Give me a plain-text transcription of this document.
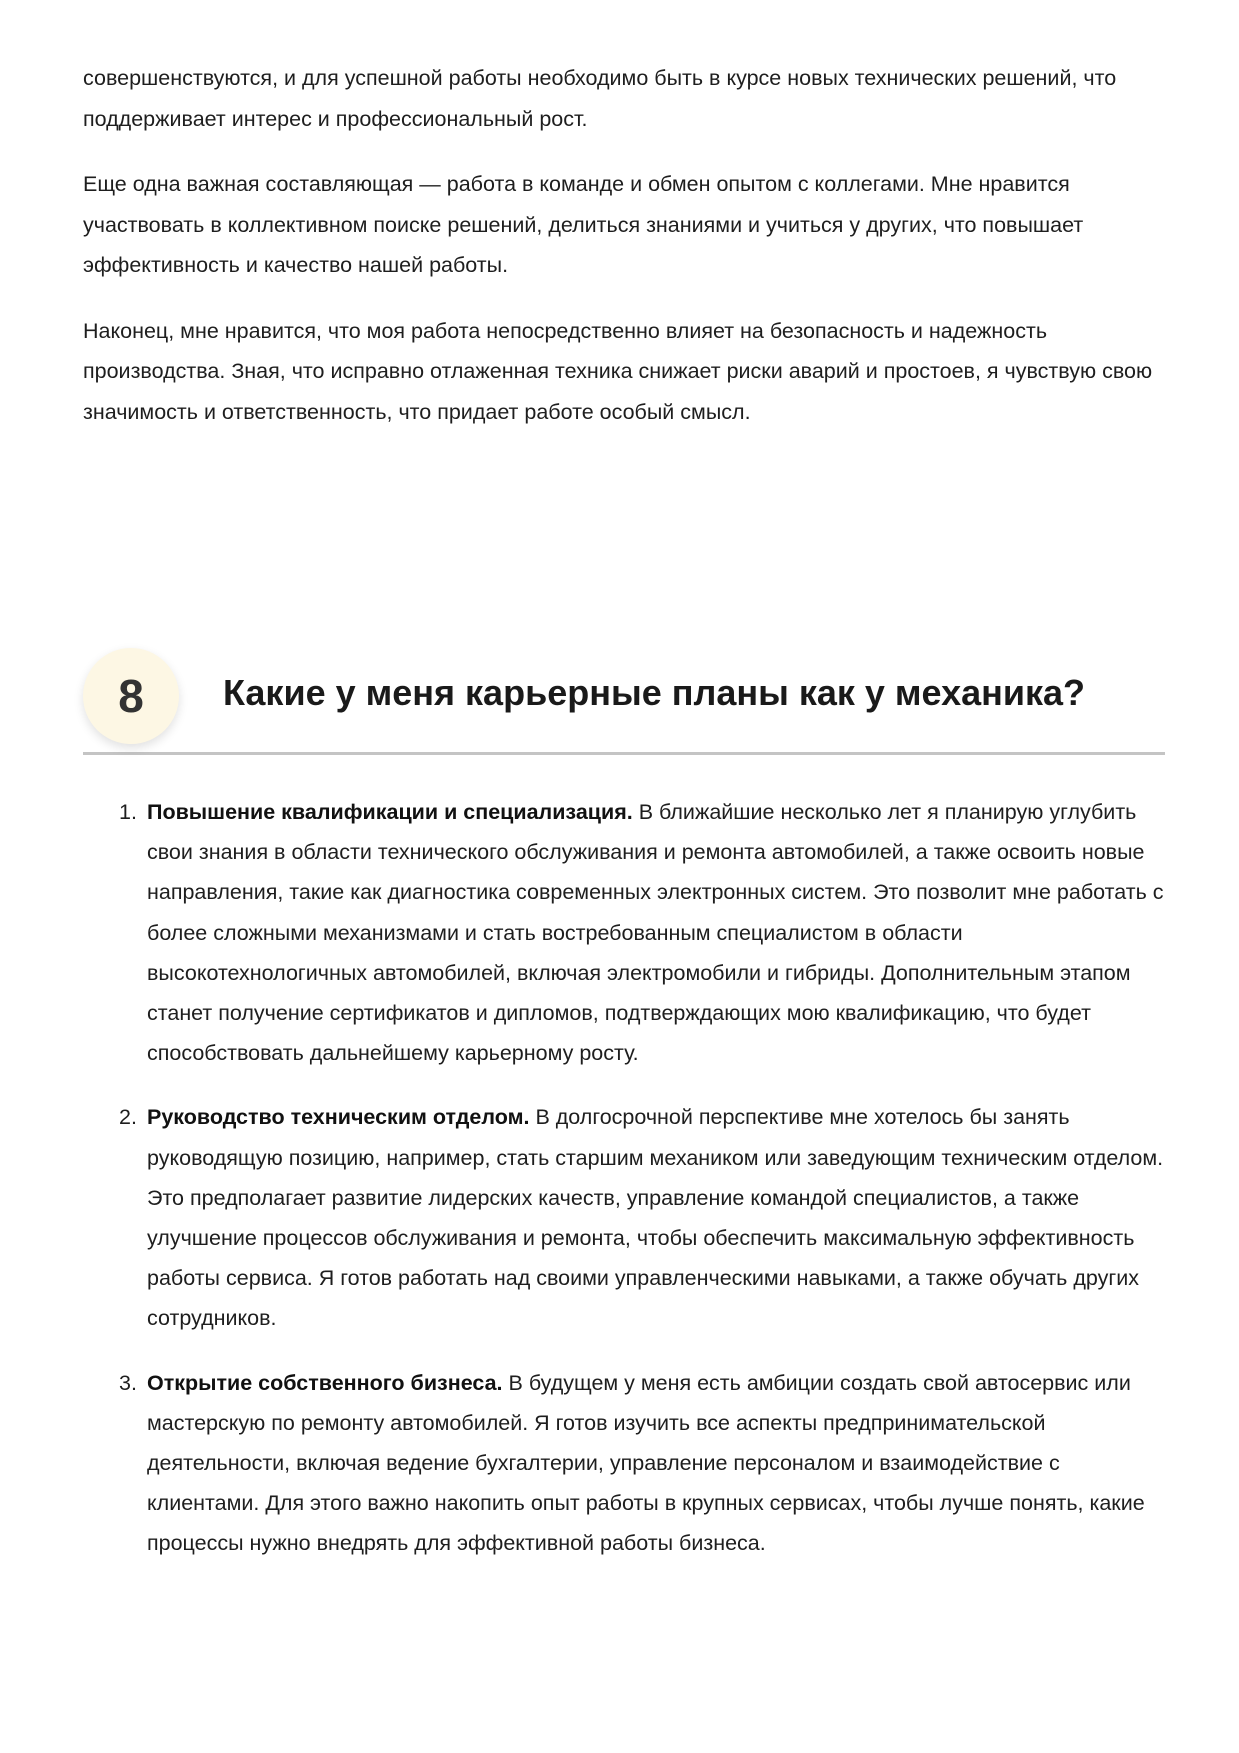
совершенствуются, и для успешной работы необходимо быть в курсе новых технических решений, что поддерживает интерес и профессиональный рост.

Еще одна важная составляющая — работа в команде и обмен опытом с коллегами. Мне нравится участвовать в коллективном поиске решений, делиться знаниями и учиться у других, что повышает эффективность и качество нашей работы.

Наконец, мне нравится, что моя работа непосредственно влияет на безопасность и надежность производства. Зная, что исправно отлаженная техника снижает риски аварий и простоев, я чувствую свою значимость и ответственность, что придает работе особый смысл.

8	Какие у меня карьерные планы как у механика?
1. Повышение квалификации и специализация. В ближайшие несколько лет я планирую углубить свои знания в области технического обслуживания и ремонта автомобилей, а также освоить новые направления, такие как диагностика современных электронных систем. Это позволит мне работать с более сложными механизмами и стать востребованным специалистом в области высокотехнологичных автомобилей, включая электромобили и гибриды. Дополнительным этапом станет получение сертификатов и дипломов, подтверждающих мою квалификацию, что будет способствовать дальнейшему карьерному росту.
2. Руководство техническим отделом. В долгосрочной перспективе мне хотелось бы занять руководящую позицию, например, стать старшим механиком или заведующим техническим отделом. Это предполагает развитие лидерских качеств, управление командой специалистов, а также улучшение процессов обслуживания и ремонта, чтобы обеспечить максимальную эффективность работы сервиса. Я готов работать над своими управленческими навыками, а также обучать других сотрудников.
3. Открытие собственного бизнеса. В будущем у меня есть амбиции создать свой автосервис или мастерскую по ремонту автомобилей. Я готов изучить все аспекты предпринимательской деятельности, включая ведение бухгалтерии, управление персоналом и взаимодействие с клиентами. Для этого важно накопить опыт работы в крупных сервисах, чтобы лучше понять, какие процессы нужно внедрять для эффективной работы бизнеса.
